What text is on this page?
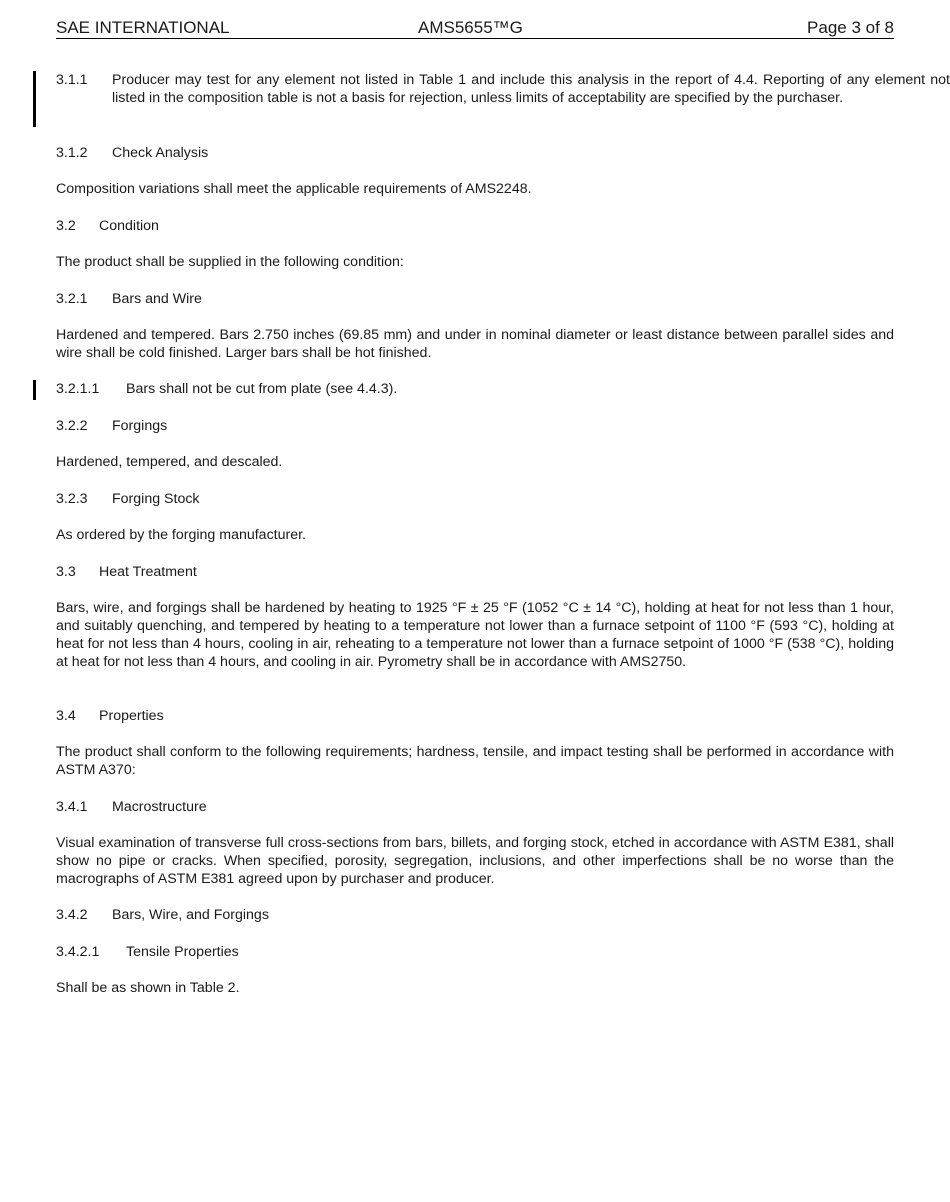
SAE INTERNATIONAL	AMS5655™G	Page 3 of 8
3.1.1 Producer may test for any element not listed in Table 1 and include this analysis in the report of 4.4. Reporting of any element not listed in the composition table is not a basis for rejection, unless limits of acceptability are specified by the purchaser.
3.1.2 Check Analysis

Composition variations shall meet the applicable requirements of AMS2248.

3.2 Condition

The product shall be supplied in the following condition:

3.2.1 Bars and Wire

Hardened and tempered. Bars 2.750 inches (69.85 mm) and under in nominal diameter or least distance between parallel sides and wire shall be cold finished. Larger bars shall be hot finished.

3.2.1.1 Bars shall not be cut from plate (see 4.4.3).
3.2.2 Forgings

Hardened, tempered, and descaled.

3.2.3 Forging Stock

As ordered by the forging manufacturer.

3.3 Heat Treatment

Bars, wire, and forgings shall be hardened by heating to 1925 °F ± 25 °F (1052 °C ± 14 °C), holding at heat for not less than 1 hour, and suitably quenching, and tempered by heating to a temperature not lower than a furnace setpoint of 1100 °F (593 °C), holding at heat for not less than 4 hours, cooling in air, reheating to a temperature not lower than a furnace setpoint of 1000 °F (538 °C), holding at heat for not less than 4 hours, and cooling in air. Pyrometry shall be in accordance with AMS2750.

3.4 Properties

The product shall conform to the following requirements; hardness, tensile, and impact testing shall be performed in accordance with ASTM A370:

3.4.1 Macrostructure

Visual examination of transverse full cross-sections from bars, billets, and forging stock, etched in accordance with ASTM E381, shall show no pipe or cracks. When specified, porosity, segregation, inclusions, and other imperfections shall be no worse than the macrographs of ASTM E381 agreed upon by purchaser and producer.

3.4.2 Bars, Wire, and Forgings
3.4.2.1 Tensile Properties

Shall be as shown in Table 2.
